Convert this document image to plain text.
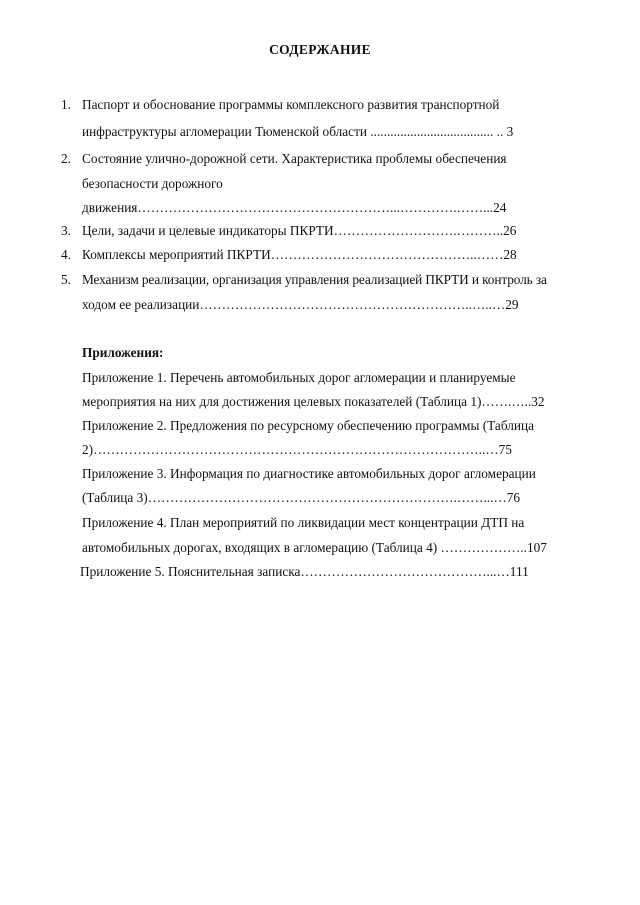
СОДЕРЖАНИЕ
1. Паспорт и обоснование программы комплексного развития транспортной
инфраструктуры агломерации Тюменской области ..................................... .. 3
2. Состояние улично-дорожной сети. Характеристика проблемы обеспечения
безопасности дорожного
движения…………………………………………………...………….……...24
3. Цели, задачи и целевые индикаторы ПКРТИ……………………….………..26
4. Комплексы мероприятий ПКРТИ………………………………………..……28
5. Механизм реализации, организация управления реализацией ПКРТИ и контроль за
ходом ее реализации……………………………………………………..…..…29
Приложения:
Приложение 1. Перечень автомобильных дорог агломерации и планируемые
мероприятия на них для достижения целевых показателей (Таблица 1)…….…..32
Приложение 2. Предложения по ресурсному обеспечению программы (Таблица
2)……………………………………………………………………………..…75
Приложение 3. Информация по диагностике автомобильных дорог агломерации
(Таблица 3)…………………………………………………………….……...…76
Приложение 4. План мероприятий по ликвидации мест концентрации ДТП на
автомобильных дорогах, входящих в агломерацию (Таблица 4) ………………..107
Приложение 5. Пояснительная записка……………………………………...…111
